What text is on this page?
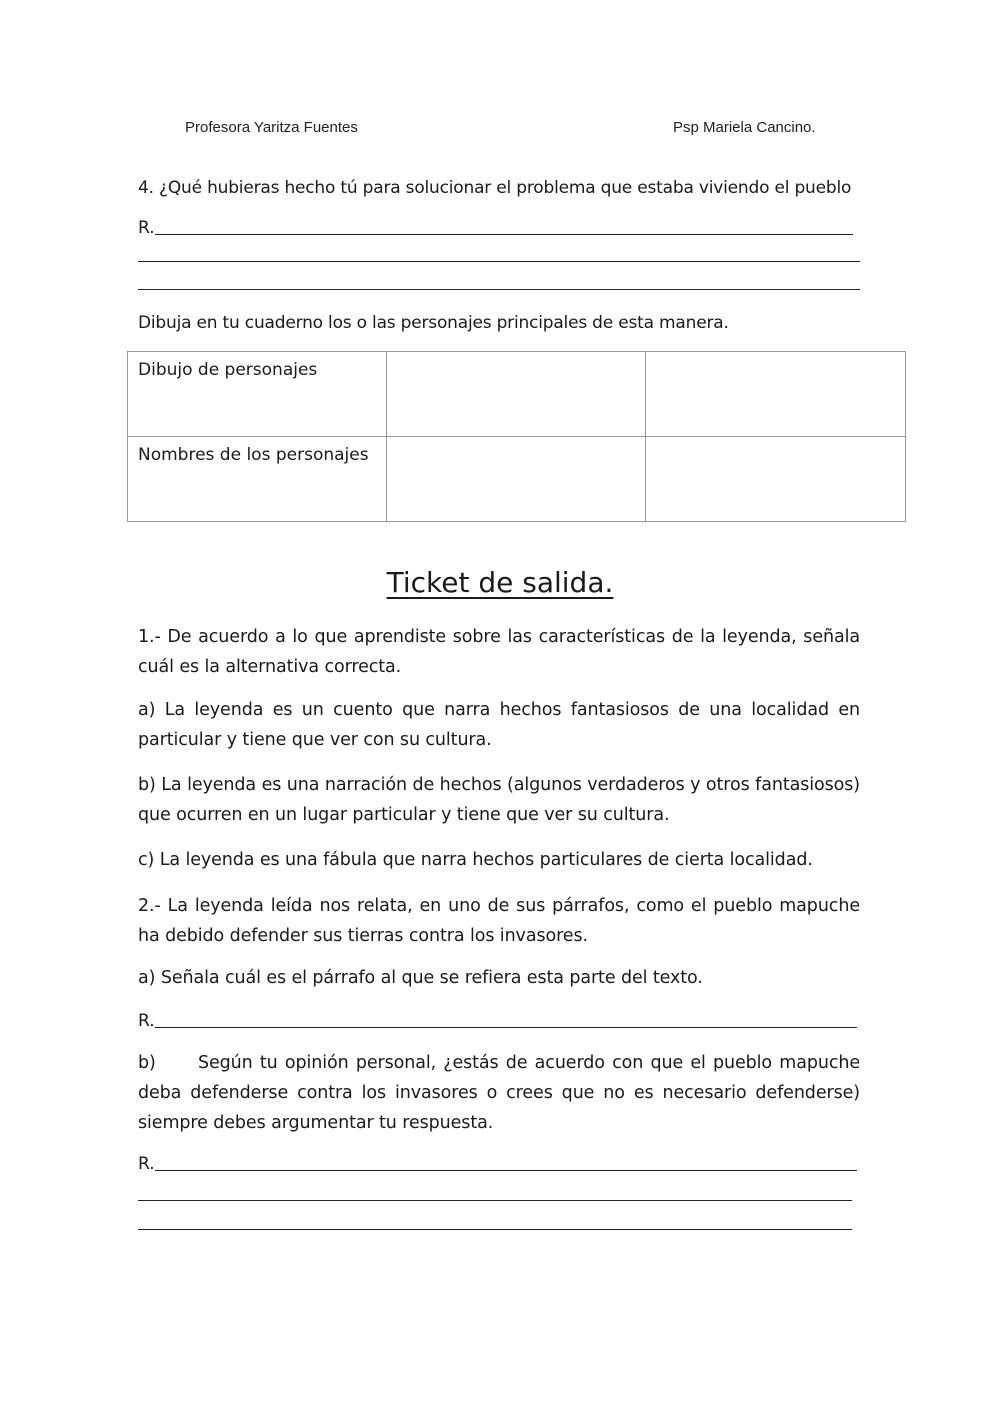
Profesora Yaritza Fuentes	Psp Mariela Cancino.
4. ¿Qué hubieras hecho tú para solucionar el problema que estaba viviendo el pueblo
R.
Dibuja en tu cuaderno los o las personajes principales de esta manera.
Dibujo de personajes		
Nombres de los personajes		
Ticket de salida.
1.- De acuerdo a lo que aprendiste sobre las características de la leyenda, señala cuál es la alternativa correcta.
a) La leyenda es un cuento que narra hechos fantasiosos de una localidad en particular y tiene que ver con su cultura.
b) La leyenda es una narración de hechos (algunos verdaderos y otros fantasiosos) que ocurren en un lugar particular y tiene que ver su cultura.
c) La leyenda es una fábula que narra hechos particulares de cierta localidad.
2.- La leyenda leída nos relata, en uno de sus párrafos, como el pueblo mapuche ha debido defender sus tierras contra los invasores.
a) Señala cuál es el párrafo al que se refiera esta parte del texto.
R.
b) Según tu opinión personal, ¿estás de acuerdo con que el pueblo mapuche deba defenderse contra los invasores o crees que no es necesario defenderse) siempre debes argumentar tu respuesta.
R.
